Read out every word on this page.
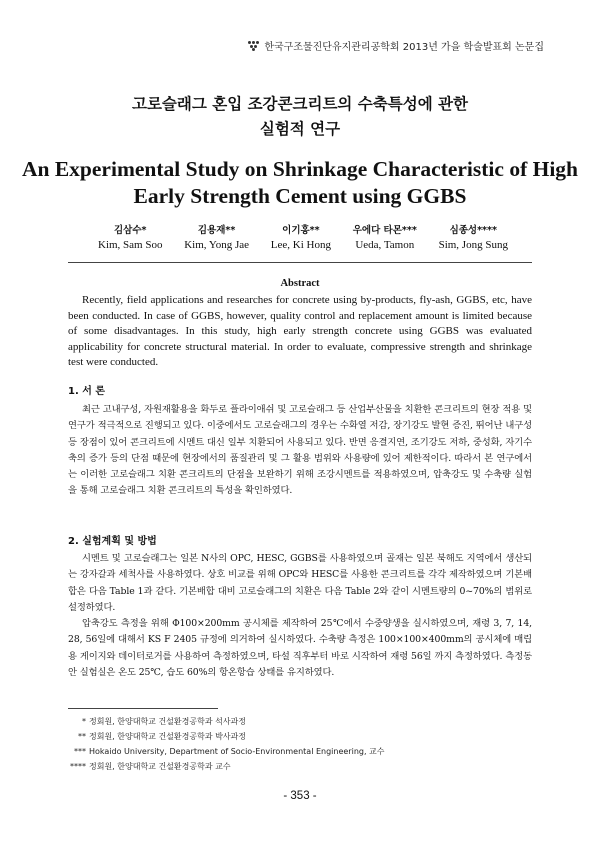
한국구조물진단유지관리공학회 2013년 가을 학술발표회 논문집
고로슬래그 혼입 조강콘크리트의 수축특성에 관한
실험적 연구
An Experimental Study on Shrinkage Characteristic of High
Early Strength Cement using GGBS
김삼수*
Kim, Sam Soo
김용재**
Kim, Yong Jae
이기홍**
Lee, Ki Hong
우에다 타몬***
Ueda, Tamon
심종성****
Sim, Jong Sung
Abstract

Recently, field applications and researches for concrete using by-products, fly-ash, GGBS, etc, have been conducted. In case of GGBS, however, quality control and replacement amount is limited because of some disadvantages. In this study, high early strength concrete using GGBS was evaluated applicability for concrete structural material. In order to evaluate, compressive strength and shrinkage test were conducted.

1. 서 론

최근 고내구성, 자원재활용을 화두로 플라이애쉬 및 고로슬래그 등 산업부산물을 치환한 콘크리트의 현장 적용 및 연구가 적극적으로 진행되고 있다. 이중에서도 고로슬래그의 경우는 수화열 저감, 장기강도 발현 증진, 뛰어난 내구성 등 장점이 있어 콘크리트에 시멘트 대신 일부 치환되어 사용되고 있다. 반면 응결지연, 조기강도 저하, 중성화, 자기수축의 증가 등의 단점 때문에 현장에서의 품질관리 및 그 활용 범위와 사용량에 있어 제한적이다. 따라서 본 연구에서는 이러한 고로슬래그 치환 콘크리트의 단점을 보완하기 위해 조강시멘트를 적용하였으며, 압축강도 및 수축량 실험을 통해 고로슬래그 치환 콘크리트의 특성을 확인하였다.

2. 실험계획 및 방법

시멘트 및 고로슬래그는 일본 N사의 OPC, HESC, GGBS를 사용하였으며 골재는 일본 북해도 지역에서 생산되는 강자갈과 세척사를 사용하였다. 상호 비교를 위해 OPC와 HESC를 사용한 콘크리트를 각각 제작하였으며 기본배합은 다음 Table 1과 같다. 기본배합 대비 고로슬래그의 치환은 다음 Table 2와 같이 시멘트량의 0~70%의 범위로 설정하였다.

압축강도 측정을 위해 Φ100×200mm 공시체를 제작하여 25℃에서 수중양생을 실시하였으며, 재령 3, 7, 14, 28, 56일에 대해서 KS F 2405 규정에 의거하여 실시하였다. 수축량 측정은 100×100×400mm의 공시체에 매립용 게이지와 데이터로거를 사용하여 측정하였으며, 타설 직후부터 바로 시작하여 재령 56일 까지 측정하였다. 측정동안 실험실은 온도 25℃, 습도 60%의 항온항습 상태를 유지하였다.

* 정회원, 한양대학교 건설환경공학과 석사과정
** 정회원, 한양대학교 건설환경공학과 박사과정
*** Hokaido University, Department of Socio-Environmental Engineering, 교수
**** 정회원, 한양대학교 건설환경공학과 교수
- 353 -
